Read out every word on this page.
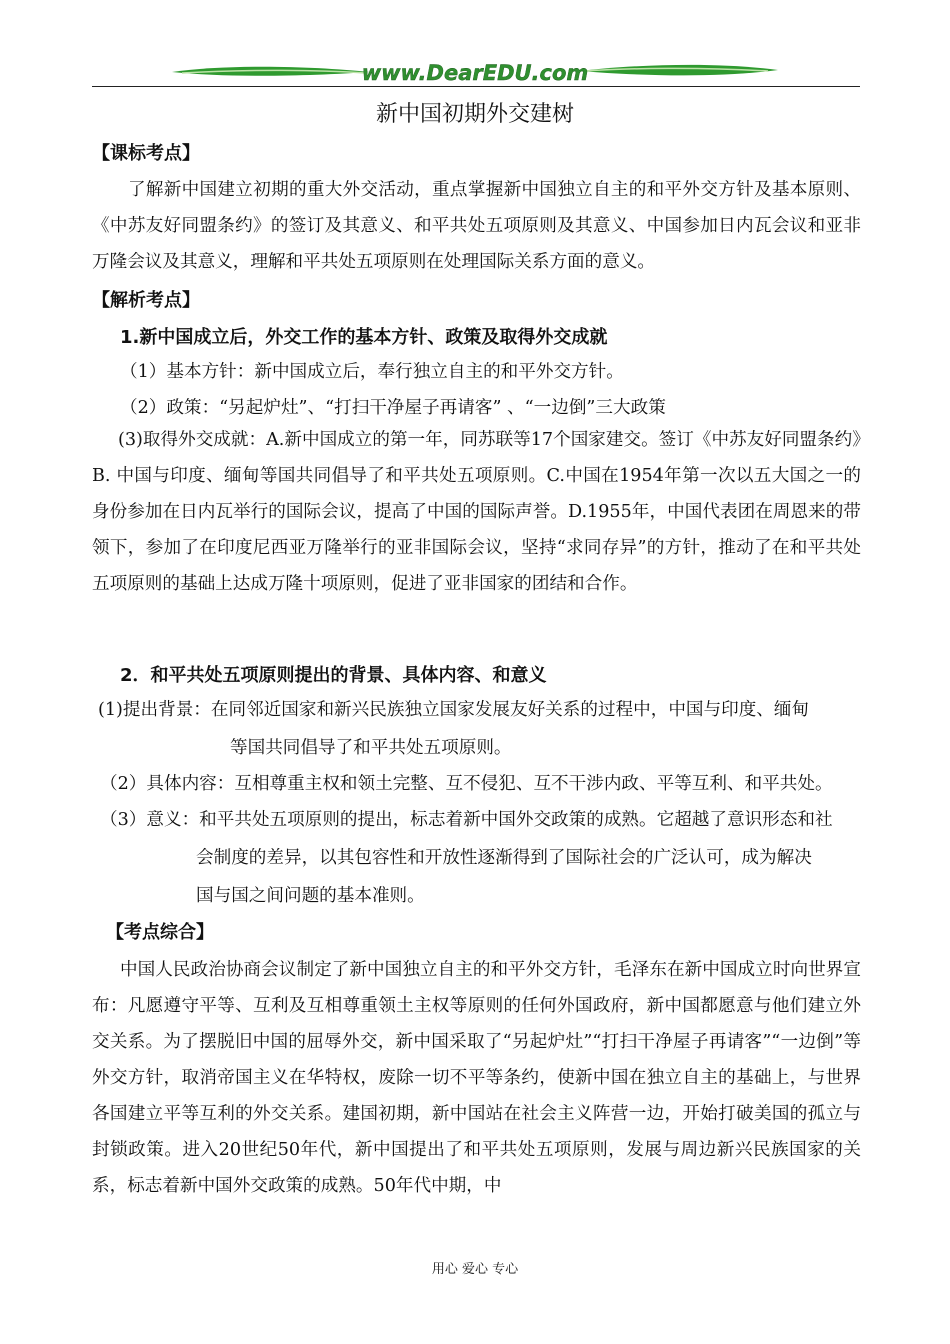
www.DearEDU.com
新中国初期外交建树
【课标考点】
了解新中国建立初期的重大外交活动，重点掌握新中国独立自主的和平外交方针及基本原则、《中苏友好同盟条约》的签订及其意义、和平共处五项原则及其意义、中国参加日内瓦会议和亚非万隆会议及其意义，理解和平共处五项原则在处理国际关系方面的意义。
【解析考点】
1.新中国成立后，外交工作的基本方针、政策及取得外交成就
（1）基本方针：新中国成立后，奉行独立自主的和平外交方针。
（2）政策：“另起炉灶”、“打扫干净屋子再请客” 、“一边倒”三大政策
(3)取得外交成就：A.新中国成立的第一年，同苏联等17个国家建交。签订《中苏友好同盟条约》B. 中国与印度、缅甸等国共同倡导了和平共处五项原则。C.中国在1954年第一次以五大国之一的身份参加在日内瓦举行的国际会议，提高了中国的国际声誉。D.1955年，中国代表团在周恩来的带领下，参加了在印度尼西亚万隆举行的亚非国际会议，坚持“求同存异”的方针，推动了在和平共处五项原则的基础上达成万隆十项原则，促进了亚非国家的团结和合作。
2．和平共处五项原则提出的背景、具体内容、和意义
(1)提出背景：在同邻近国家和新兴民族独立国家发展友好关系的过程中，中国与印度、缅甸
等国共同倡导了和平共处五项原则。
（2）具体内容：互相尊重主权和领土完整、互不侵犯、互不干涉内政、平等互利、和平共处。
（3）意义：和平共处五项原则的提出，标志着新中国外交政策的成熟。它超越了意识形态和社
会制度的差异，以其包容性和开放性逐渐得到了国际社会的广泛认可，成为解决
国与国之间问题的基本准则。
【考点综合】
中国人民政治协商会议制定了新中国独立自主的和平外交方针，毛泽东在新中国成立时向世界宣布：凡愿遵守平等、互利及互相尊重领土主权等原则的任何外国政府，新中国都愿意与他们建立外交关系。为了摆脱旧中国的屈辱外交，新中国采取了“另起炉灶”“打扫干净屋子再请客”“一边倒”等外交方针，取消帝国主义在华特权，废除一切不平等条约，使新中国在独立自主的基础上，与世界各国建立平等互利的外交关系。建国初期，新中国站在社会主义阵营一边，开始打破美国的孤立与封锁政策。进入20世纪50年代，新中国提出了和平共处五项原则，发展与周边新兴民族国家的关系，标志着新中国外交政策的成熟。50年代中期，中
用心 爱心 专心
